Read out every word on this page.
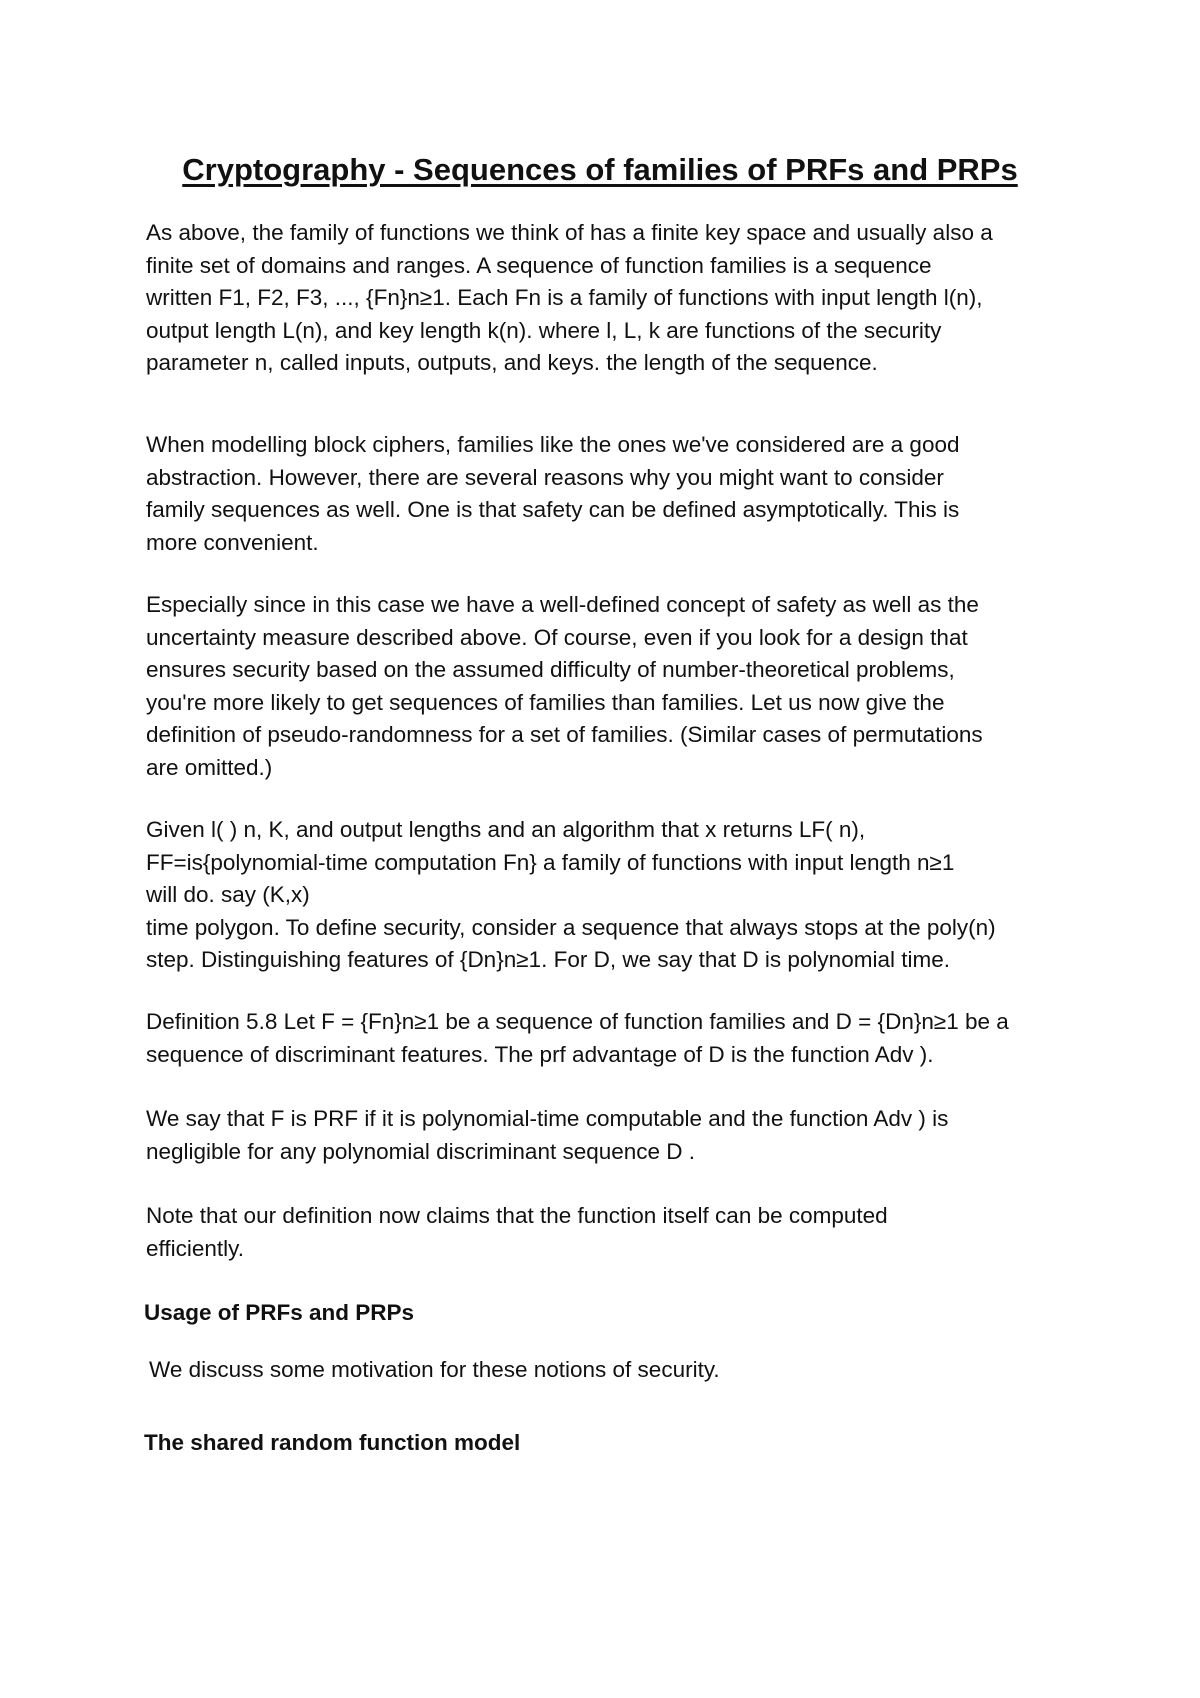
Cryptography - Sequences of families of PRFs and PRPs
As above, the family of functions we think of has a finite key space and usually also a
finite set of domains and ranges. A sequence of function families is a sequence
written F1, F2, F3, ..., {Fn}n≥1. Each Fn is a family of functions with input length l(n),
output length L(n), and key length k(n). where l, L, k are functions of the security
parameter n, called inputs, outputs, and keys. the length of the sequence.
When modelling block ciphers, families like the ones we've considered are a good
abstraction. However, there are several reasons why you might want to consider
family sequences as well. One is that safety can be defined asymptotically. This is
more convenient.
Especially since in this case we have a well-defined concept of safety as well as the
uncertainty measure described above. Of course, even if you look for a design that
ensures security based on the assumed difficulty of number-theoretical problems,
you're more likely to get sequences of families than families. Let us now give the
definition of pseudo-randomness for a set of families. (Similar cases of permutations
are omitted.)
Given l( ) n, K, and output lengths and an algorithm that x returns LF( n),
FF=is{polynomial-time computation Fn} a family of functions with input length n≥1
will do. say (K,x)
time polygon. To define security, consider a sequence that always stops at the poly(n)
step. Distinguishing features of {Dn}n≥1. For D, we say that D is polynomial time.
Definition 5.8 Let F = {Fn}n≥1 be a sequence of function families and D = {Dn}n≥1 be a
sequence of discriminant features. The prf advantage of D is the function Adv ).
We say that F is PRF if it is polynomial-time computable and the function Adv ) is
negligible for any polynomial discriminant sequence D .
Note that our definition now claims that the function itself can be computed
efficiently.
Usage of PRFs and PRPs
We discuss some motivation for these notions of security.
The shared random function model
